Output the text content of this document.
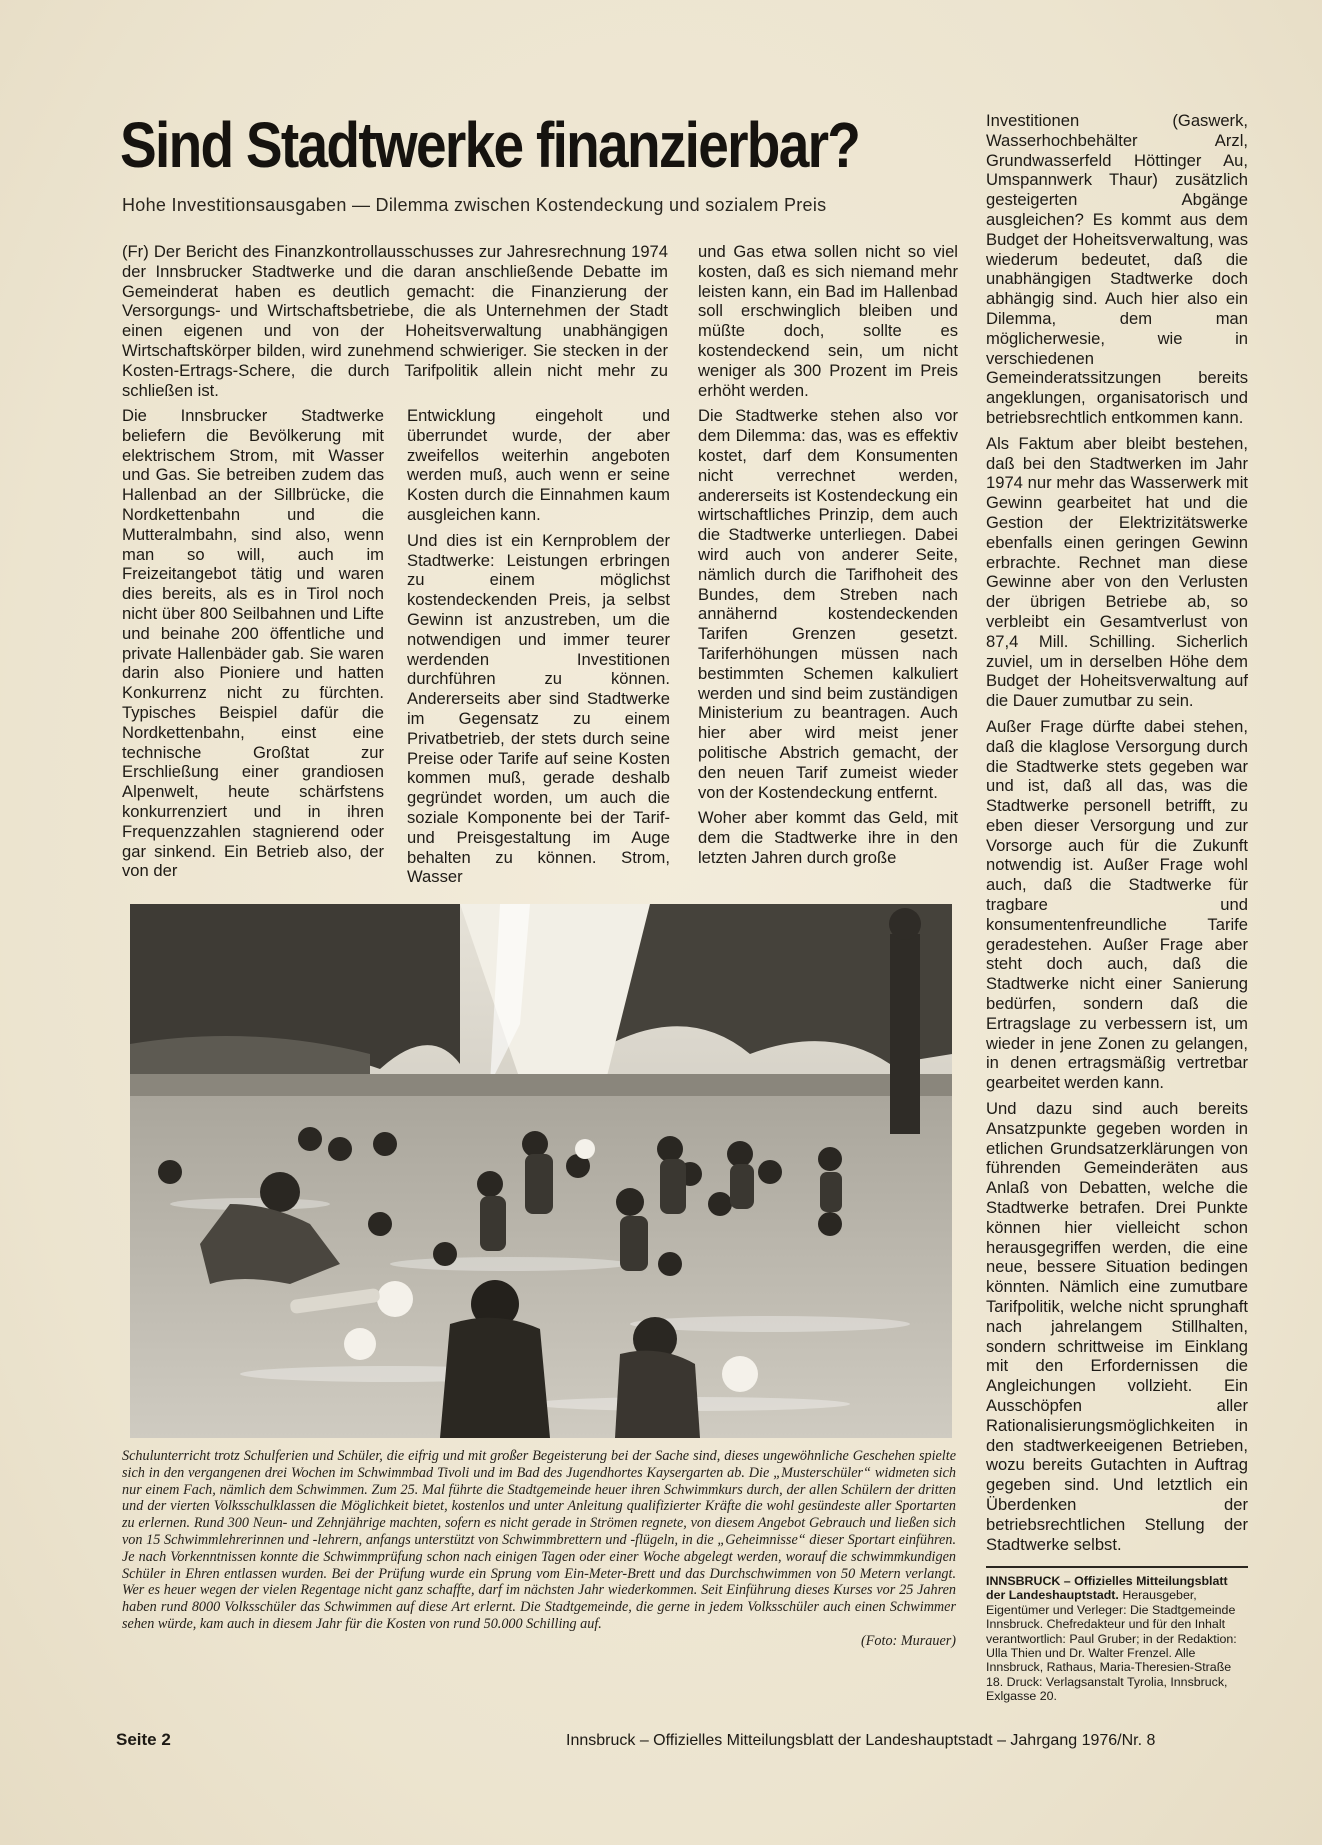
Sind Stadtwerke finanzierbar?
Hohe Investitionsausgaben — Dilemma zwischen Kostendeckung und sozialem Preis

(Fr) Der Bericht des Finanzkontrollausschusses zur Jahresrechnung 1974 der Innsbrucker Stadtwerke und die daran anschließende Debatte im Gemeinderat haben es deutlich gemacht: die Finanzierung der Versorgungs- und Wirtschaftsbetriebe, die als Unternehmen der Stadt einen eigenen und von der Hoheitsverwaltung unabhängigen Wirtschaftskörper bilden, wird zunehmend schwieriger. Sie stecken in der Kosten-Ertrags-Schere, die durch Tarifpolitik allein nicht mehr zu schließen ist.

Die Innsbrucker Stadtwerke beliefern die Bevölkerung mit elektrischem Strom, mit Wasser und Gas. Sie betreiben zudem das Hallenbad an der Sillbrücke, die Nordkettenbahn und die Mutteralmbahn, sind also, wenn man so will, auch im Freizeitangebot tätig und waren dies bereits, als es in Tirol noch nicht über 800 Seilbahnen und Lifte und beinahe 200 öffentliche und private Hallenbäder gab. Sie waren darin also Pioniere und hatten Konkurrenz nicht zu fürchten. Typisches Beispiel dafür die Nordkettenbahn, einst eine technische Großtat zur Erschließung einer grandiosen Alpenwelt, heute schärfstens konkurrenziert und in ihren Frequenzzahlen stagnierend oder gar sinkend. Ein Betrieb also, der von der

Entwicklung eingeholt und überrundet wurde, der aber zweifellos weiterhin angeboten werden muß, auch wenn er seine Kosten durch die Einnahmen kaum ausgleichen kann.

Und dies ist ein Kernproblem der Stadtwerke: Leistungen erbringen zu einem möglichst kostendeckenden Preis, ja selbst Gewinn ist anzustreben, um die notwendigen und immer teurer werdenden Investitionen durchführen zu können. Andererseits aber sind Stadtwerke im Gegensatz zu einem Privatbetrieb, der stets durch seine Preise oder Tarife auf seine Kosten kommen muß, gerade deshalb gegründet worden, um auch die soziale Komponente bei der Tarif- und Preisgestaltung im Auge behalten zu können. Strom, Wasser

und Gas etwa sollen nicht so viel kosten, daß es sich niemand mehr leisten kann, ein Bad im Hallenbad soll erschwinglich bleiben und müßte doch, sollte es kostendeckend sein, um nicht weniger als 300 Prozent im Preis erhöht werden.

Die Stadtwerke stehen also vor dem Dilemma: das, was es effektiv kostet, darf dem Konsumenten nicht verrechnet werden, andererseits ist Kostendeckung ein wirtschaftliches Prinzip, dem auch die Stadtwerke unterliegen. Dabei wird auch von anderer Seite, nämlich durch die Tarifhoheit des Bundes, dem Streben nach annähernd kostendeckenden Tarifen Grenzen gesetzt. Tariferhöhungen müssen nach bestimmten Schemen kalkuliert werden und sind beim zuständigen Ministerium zu beantragen. Auch hier aber wird meist jener politische Abstrich gemacht, der den neuen Tarif zumeist wieder von der Kostendeckung entfernt.

Woher aber kommt das Geld, mit dem die Stadtwerke ihre in den letzten Jahren durch große

Investitionen (Gaswerk, Wasserhochbehälter Arzl, Grundwasserfeld Höttinger Au, Umspannwerk Thaur) zusätzlich gesteigerten Abgänge ausgleichen? Es kommt aus dem Budget der Hoheitsverwaltung, was wiederum bedeutet, daß die unabhängigen Stadtwerke doch abhängig sind. Auch hier also ein Dilemma, dem man möglicherwesie, wie in verschiedenen Gemeinderatssitzungen bereits angeklungen, organisatorisch und betriebsrechtlich entkommen kann.

Als Faktum aber bleibt bestehen, daß bei den Stadtwerken im Jahr 1974 nur mehr das Wasserwerk mit Gewinn gearbeitet hat und die Gestion der Elektrizitätswerke ebenfalls einen geringen Gewinn erbrachte. Rechnet man diese Gewinne aber von den Verlusten der übrigen Betriebe ab, so verbleibt ein Gesamtverlust von 87,4 Mill. Schilling. Sicherlich zuviel, um in derselben Höhe dem Budget der Hoheitsverwaltung auf die Dauer zumutbar zu sein.

Außer Frage dürfte dabei stehen, daß die klaglose Versorgung durch die Stadtwerke stets gegeben war und ist, daß all das, was die Stadtwerke personell betrifft, zu eben dieser Versorgung und zur Vorsorge auch für die Zukunft notwendig ist. Außer Frage wohl auch, daß die Stadtwerke für tragbare und konsumentenfreundliche Tarife geradestehen. Außer Frage aber steht doch auch, daß die Stadtwerke nicht einer Sanierung bedürfen, sondern daß die Ertragslage zu verbessern ist, um wieder in jene Zonen zu gelangen, in denen ertragsmäßig vertretbar gearbeitet werden kann.

Und dazu sind auch bereits Ansatzpunkte gegeben worden in etlichen Grundsatzerklärungen von führenden Gemeinderäten aus Anlaß von Debatten, welche die Stadtwerke betrafen. Drei Punkte können hier vielleicht schon herausgegriffen werden, die eine neue, bessere Situation bedingen könnten. Nämlich eine zumutbare Tarifpolitik, welche nicht sprunghaft nach jahrelangem Stillhalten, sondern schrittweise im Einklang mit den Erfordernissen die Angleichungen vollzieht. Ein Ausschöpfen aller Rationalisierungsmöglichkeiten in den stadtwerkeeigenen Betrieben, wozu bereits Gutachten in Auftrag gegeben sind. Und letztlich ein Überdenken der betriebsrechtlichen Stellung der Stadtwerke selbst.

Schulunterricht trotz Schulferien und Schüler, die eifrig und mit großer Begeisterung bei der Sache sind, dieses ungewöhnliche Geschehen spielte sich in den vergangenen drei Wochen im Schwimmbad Tivoli und im Bad des Jugendhortes Kaysergarten ab. Die „Musterschüler“ widmeten sich nur einem Fach, nämlich dem Schwimmen. Zum 25. Mal führte die Stadtgemeinde heuer ihren Schwimmkurs durch, der allen Schülern der dritten und der vierten Volksschulklassen die Möglichkeit bietet, kostenlos und unter Anleitung qualifizierter Kräfte die wohl gesündeste aller Sportarten zu erlernen. Rund 300 Neun- und Zehnjährige machten, sofern es nicht gerade in Strömen regnete, von diesem Angebot Gebrauch und ließen sich von 15 Schwimmlehrerinnen und -lehrern, anfangs unterstützt von Schwimmbrettern und -flügeln, in die „Geheimnisse“ dieser Sportart einführen. Je nach Vorkenntnissen konnte die Schwimmprüfung schon nach einigen Tagen oder einer Woche abgelegt werden, worauf die schwimmkundigen Schüler in Ehren entlassen wurden. Bei der Prüfung wurde ein Sprung vom Ein-Meter-Brett und das Durchschwimmen von 50 Metern verlangt. Wer es heuer wegen der vielen Regentage nicht ganz schaffte, darf im nächsten Jahr wiederkommen. Seit Einführung dieses Kurses vor 25 Jahren haben rund 8000 Volksschüler das Schwimmen auf diese Art erlernt. Die Stadtgemeinde, die gerne in jedem Volksschüler auch einen Schwimmer sehen würde, kam auch in diesem Jahr für die Kosten von rund 50.000 Schilling auf.
(Foto: Murauer)
INNSBRUCK – Offizielles Mitteilungsblatt der Landeshauptstadt. Herausgeber, Eigentümer und Verleger: Die Stadtgemeinde Innsbruck. Chefredakteur und für den Inhalt verantwortlich: Paul Gruber; in der Redaktion: Ulla Thien und Dr. Walter Frenzel. Alle Innsbruck, Rathaus, Maria-Theresien-Straße 18. Druck: Verlagsanstalt Tyrolia, Innsbruck, Exlgasse 20.
Seite 2	Innsbruck – Offizielles Mitteilungsblatt der Landeshauptstadt – Jahrgang 1976/Nr. 8
